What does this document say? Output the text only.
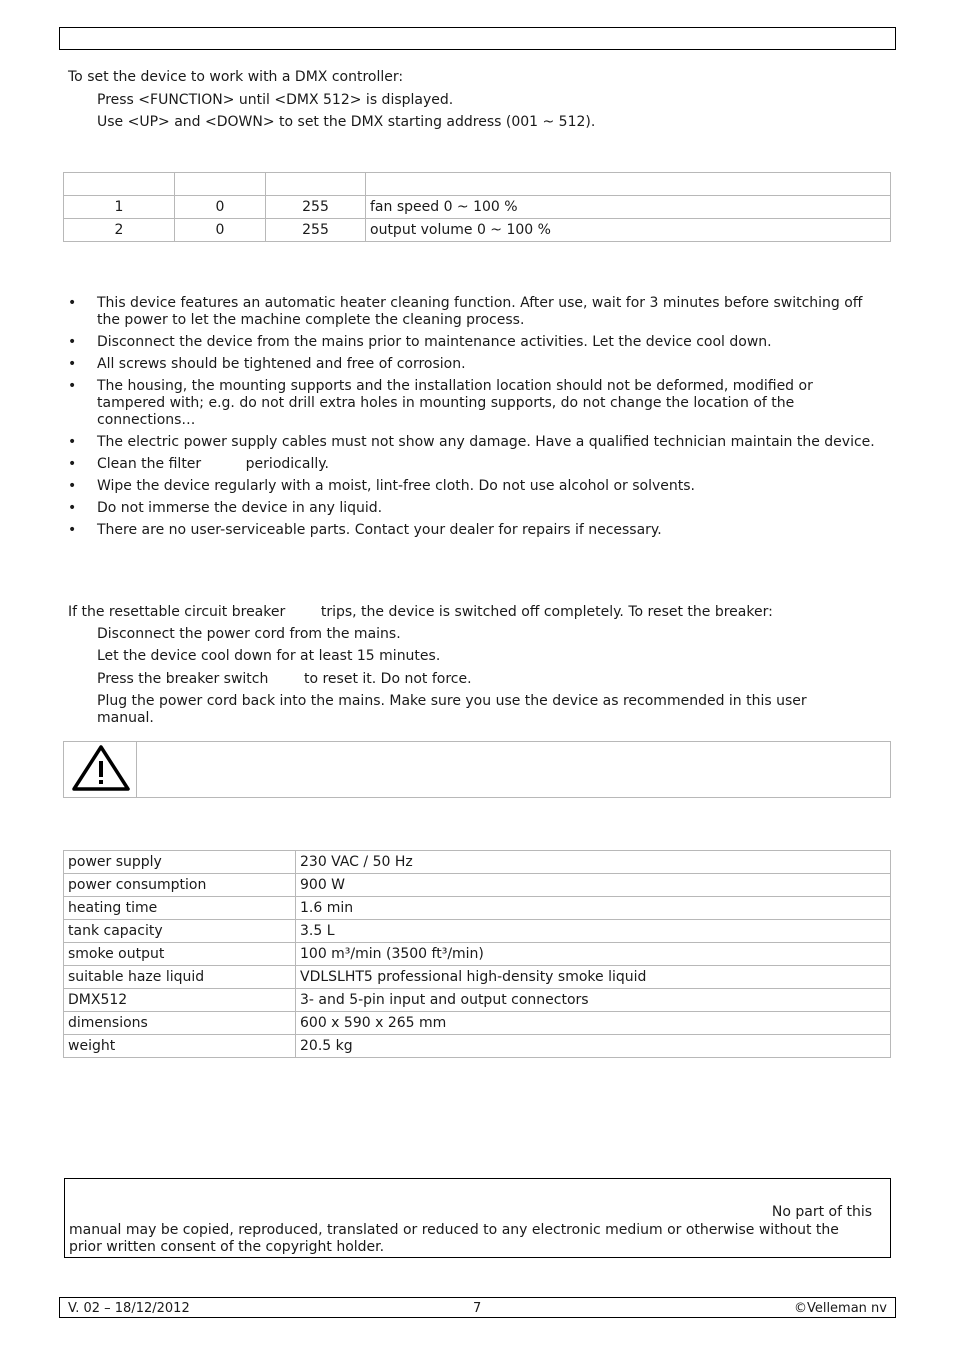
To set the device to work with a DMX controller:
Press <FUNCTION> until <DMX 512> is displayed.
Use <UP> and <DOWN> to set the DMX starting address (001 ~ 512).

1	0	255	fan speed 0 ~ 100 %
2	0	255	output volume 0 ~ 100 %
• This device features an automatic heater cleaning function. After use, wait for 3 minutes before switching off the power to let the machine complete the cleaning process.
• Disconnect the device from the mains prior to maintenance activities. Let the device cool down.
• All screws should be tightened and free of corrosion.
• The housing, the mounting supports and the installation location should not be deformed, modified or tampered with; e.g. do not drill extra holes in mounting supports, do not change the location of the connections…
• The electric power supply cables must not show any damage. Have a qualified technician maintain the device.
• Clean the filter          periodically.
• Wipe the device regularly with a moist, lint-free cloth. Do not use alcohol or solvents.
• Do not immerse the device in any liquid.
• There are no user-serviceable parts. Contact your dealer for repairs if necessary.
If the resettable circuit breaker        trips, the device is switched off completely. To reset the breaker:
Disconnect the power cord from the mains.
Let the device cool down for at least 15 minutes.
Press the breaker switch        to reset it. Do not force.
Plug the power cord back into the mains. Make sure you use the device as recommended in this user manual.
power supply	230 VAC / 50 Hz
power consumption	900 W
heating time	1.6 min
tank capacity	3.5 L
smoke output	100 m³/min (3500 ft³/min)
suitable haze liquid	VDLSLHT5 professional high-density smoke liquid
DMX512	3- and 5-pin input and output connectors
dimensions	600 x 590 x 265 mm
weight	20.5 kg
No part of this
manual may be copied, reproduced, translated or reduced to any electronic medium or otherwise without the
prior written consent of the copyright holder.
V. 02 – 18/12/2012	7	©Velleman nv
